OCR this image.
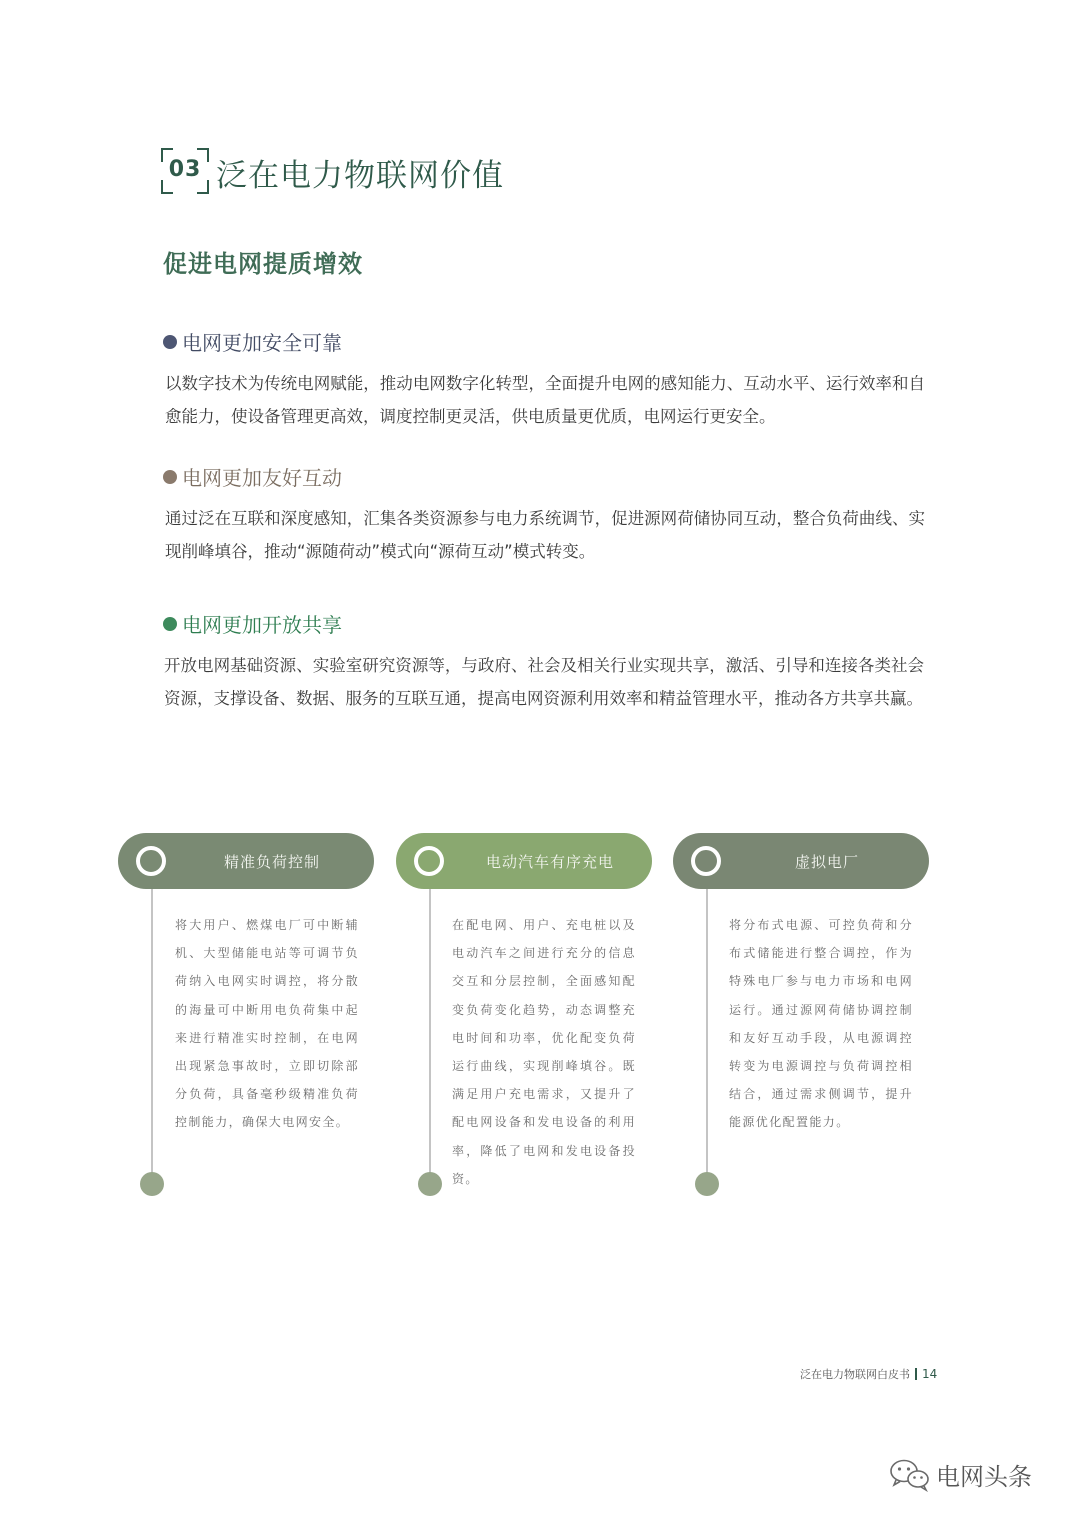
03 泛在电力物联网价值
促进电网提质增效
电网更加安全可靠
以数字技术为传统电网赋能，推动电网数字化转型，全面提升电网的感知能力、互动水平、运行效率和自愈能力，使设备管理更高效，调度控制更灵活，供电质量更优质，电网运行更安全。
电网更加友好互动
通过泛在互联和深度感知，汇集各类资源参与电力系统调节，促进源网荷储协同互动，整合负荷曲线、实现削峰填谷，推动“源随荷动”模式向“源荷互动”模式转变。
电网更加开放共享
开放电网基础资源、实验室研究资源等，与政府、社会及相关行业实现共享，激活、引导和连接各类社会资源，支撑设备、数据、服务的互联互通，提高电网资源利用效率和精益管理水平，推动各方共享共赢。
精准负荷控制
将大用户、燃煤电厂可中断辅机、大型储能电站等可调节负荷纳入电网实时调控，将分散的海量可中断用电负荷集中起来进行精准实时控制，在电网出现紧急事故时，立即切除部分负荷，具备毫秒级精准负荷控制能力，确保大电网安全。
电动汽车有序充电
在配电网、用户、充电桩以及电动汽车之间进行充分的信息交互和分层控制，全面感知配变负荷变化趋势，动态调整充电时间和功率，优化配变负荷运行曲线，实现削峰填谷。既满足用户充电需求，又提升了配电网设备和发电设备的利用率，降低了电网和发电设备投资。
虚拟电厂
将分布式电源、可控负荷和分布式储能进行整合调控，作为特殊电厂参与电力市场和电网运行。通过源网荷储协调控制和友好互动手段，从电源调控转变为电源调控与负荷调控相结合，通过需求侧调节，提升能源优化配置能力。
泛在电力物联网白皮书 14
电网头条
